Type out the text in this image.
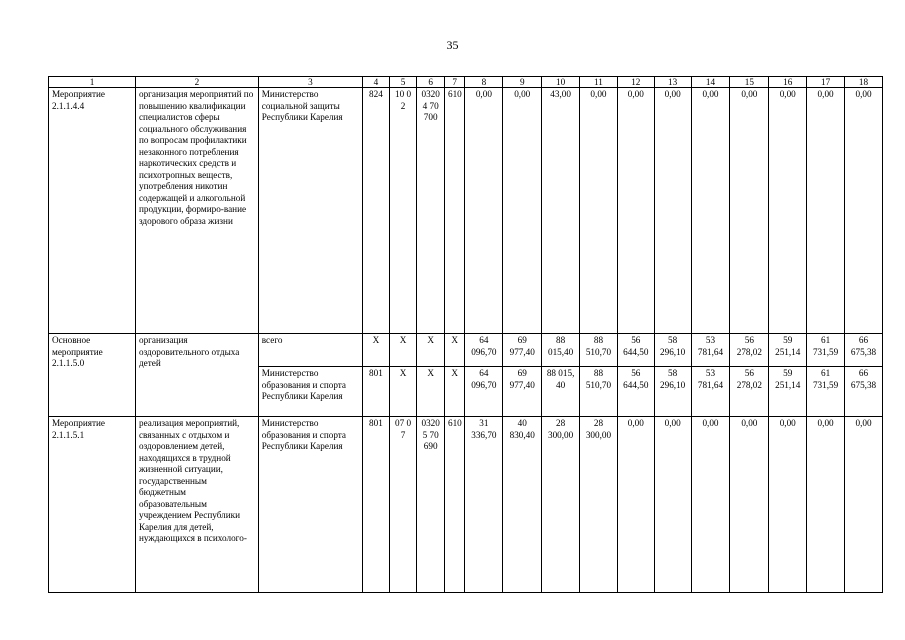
35
1	2	3	4	5	6	7	8	9	10	11	12	13	14	15	16	17	18
Мероприятие 2.1.1.4.4	организация мероприятий по повышению квалификации специалистов сферы социального обслуживания по вопросам профилактики незаконного потребления наркотических средств и психотропных веществ, употребления никотин содержащей и алкогольной продукции, формиро-вание здорового образа жизни	Министерство социальной защиты Республики Карелия	824	10 02	03204 70700	610	0,00	0,00	43,00	0,00	0,00	0,00	0,00	0,00	0,00	0,00	0,00
Основное мероприятие 2.1.1.5.0	организация оздоровительного отдыха детей	всего	X	X	X	X	64 096,70	69 977,40	88 015,40	88 510,70	56 644,50	58 296,10	53 781,64	56 278,02	59 251,14	61 731,59	66 675,38
		Министерство образования и спорта Республики Карелия	801	X	X	X	64 096,70	69 977,40	88 015, 40	88 510,70	56 644,50	58 296,10	53 781,64	56 278,02	59 251,14	61 731,59	66 675,38
Мероприятие 2.1.1.5.1	реализация мероприятий, связанных с отдыхом и оздоровлением детей, находящихся в трудной жизненной ситуации, государственным бюджетным образовательным учреждением Республики Карелия для детей, нуждающихся в психолого-	Министерство образования и спорта Республики Карелия	801	07 07	03205 70690	610	31 336,70	40 830,40	28 300,00	28 300,00	0,00	0,00	0,00	0,00	0,00	0,00	0,00
